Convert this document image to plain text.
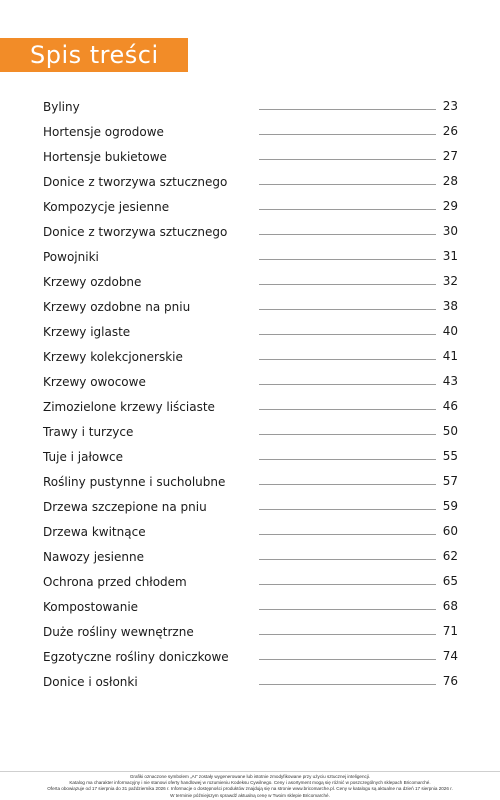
Spis treści
Byliny	23
Hortensje ogrodowe	26
Hortensje bukietowe	27
Donice z tworzywa sztucznego	28
Kompozycje jesienne	29
Donice z tworzywa sztucznego	30
Powojniki	31
Krzewy ozdobne	32
Krzewy ozdobne na pniu	38
Krzewy iglaste	40
Krzewy kolekcjonerskie	41
Krzewy owocowe	43
Zimozielone krzewy liściaste	46
Trawy i turzyce	50
Tuje i jałowce	55
Rośliny pustynne i sucholubne	57
Drzewa szczepione na pniu	59
Drzewa kwitnące	60
Nawozy jesienne	62
Ochrona przed chłodem	65
Kompostowanie	68
Duże rośliny wewnętrzne	71
Egzotyczne rośliny doniczkowe	74
Donice i osłonki	76
Grafiki oznaczone symbolem „AI” zostały wygenerowane lub istotnie zmodyfikowane przy użyciu sztucznej inteligencji.
Katalog ma charakter informacyjny i nie stanowi oferty handlowej w rozumieniu Kodeksu Cywilnego. Ceny i asortyment mogą się różnić w poszczególnych sklepach Bricomarché.
Oferta obowiązuje od 17 sierpnia do 31 października 2026 r. Informacje o dostępności produktów znajdują się na stronie www.bricomarche.pl. Ceny w katalogu są aktualne na dzień 17 sierpnia 2026 r.
W terminie późniejszym sprawdź aktualną cenę w Twoim sklepie Bricomarché.
